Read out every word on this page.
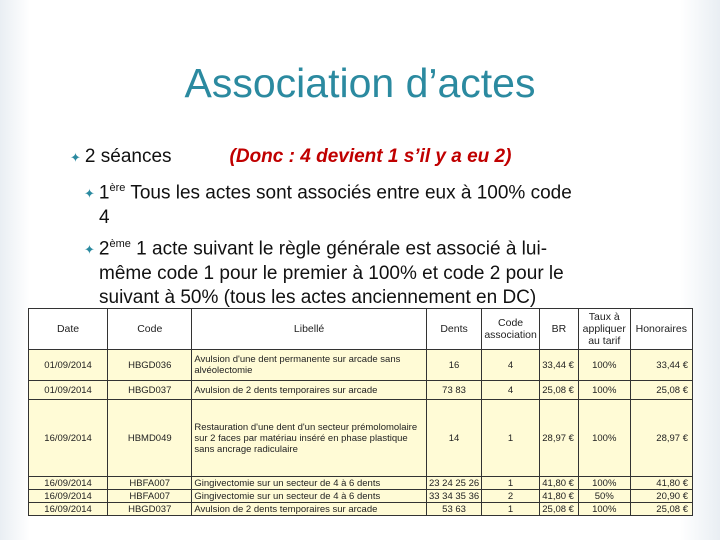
Association d’actes
✦ 2 séances	(Donc : 4 devient 1 s’il y a eu 2)
✦ 1ère Tous les actes sont associés entre eux à 100% code
4
✦ 2ème 1 acte suivant le règle générale est associé à lui-
même code 1 pour le premier à 100% et code 2 pour le
suivant à 50% (tous les actes anciennement en DC)
Date	Code	Libellé	Dents	Code association	BR	Taux à appliquer au tarif	Honoraires
01/09/2014	HBGD036	Avulsion d'une dent permanente sur arcade sans alvéolectomie	16	4	33,44 €	100%	33,44 €
01/09/2014	HBGD037	Avulsion de 2 dents temporaires sur arcade	73 83	4	25,08 €	100%	25,08 €
16/09/2014	HBMD049	Restauration d'une dent d'un secteur prémolomolaire sur 2 faces par matériau inséré en phase plastique sans ancrage radiculaire	14	1	28,97 €	100%	28,97 €
16/09/2014	HBFA007	Gingivectomie sur un secteur de 4 à 6 dents	23 24 25 26	1	41,80 €	100%	41,80 €
16/09/2014	HBFA007	Gingivectomie sur un secteur de 4 à 6 dents	33 34 35 36	2	41,80 €	50%	20,90 €
16/09/2014	HBGD037	Avulsion de 2 dents temporaires sur arcade	53 63	1	25,08 €	100%	25,08 €
